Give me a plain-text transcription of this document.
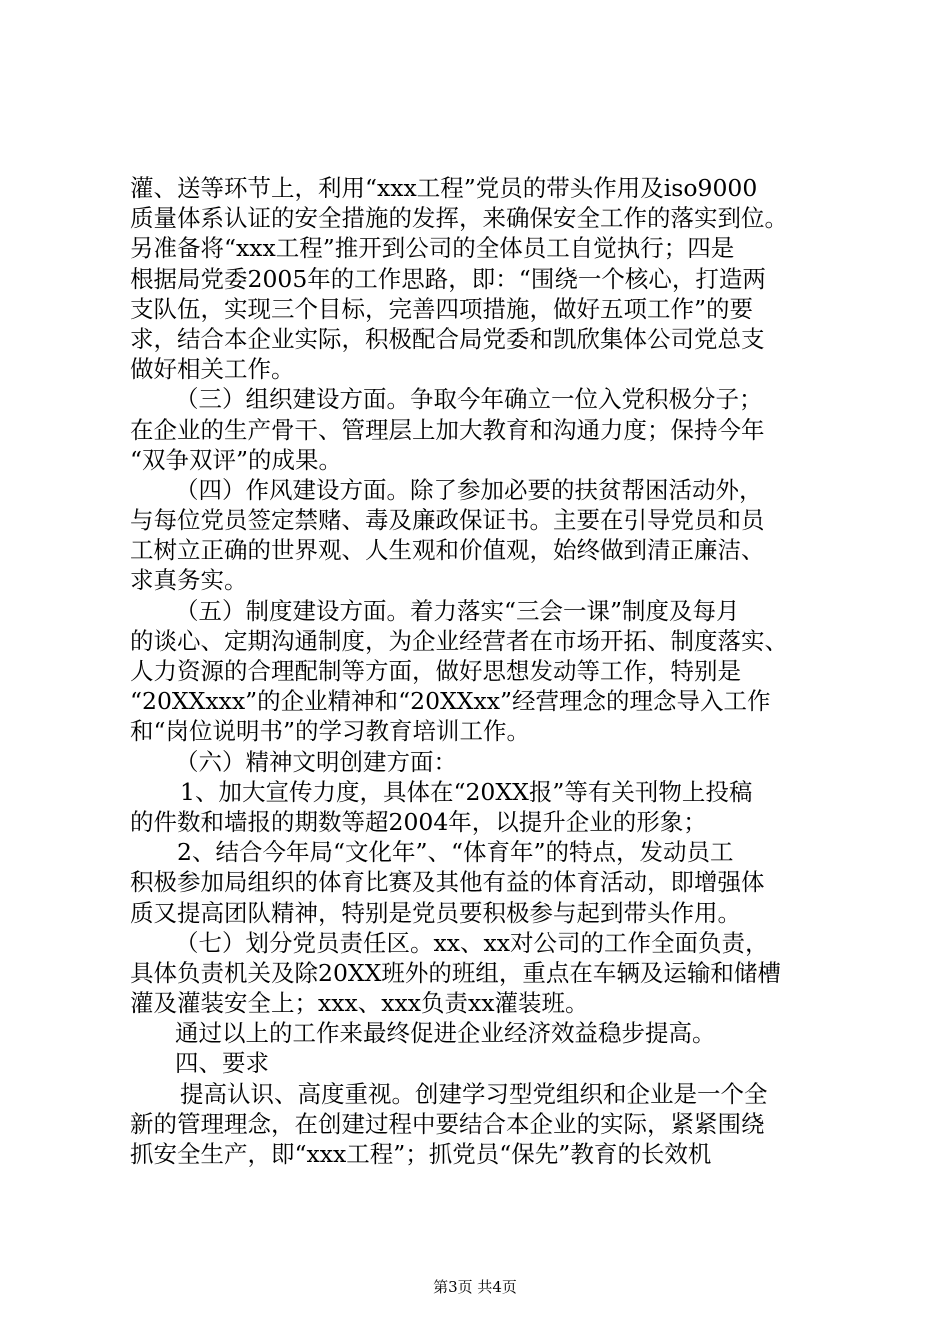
灌、送等环节上，利用“xxx工程”党员的带头作用及iso9000
质量体系认证的安全措施的发挥，来确保安全工作的落实到位。
另准备将“xxx工程”推开到公司的全体员工自觉执行；四是
根据局党委2005年的工作思路，即：“围绕一个核心，打造两
支队伍，实现三个目标，完善四项措施，做好五项工作”的要
求，结合本企业实际，积极配合局党委和凯欣集体公司党总支
做好相关工作。
（三）组织建设方面。争取今年确立一位入党积极分子；
在企业的生产骨干、管理层上加大教育和沟通力度；保持今年
“双争双评”的成果。
（四）作风建设方面。除了参加必要的扶贫帮困活动外，
与每位党员签定禁赌、毒及廉政保证书。主要在引导党员和员
工树立正确的世界观、人生观和价值观，始终做到清正廉洁、
求真务实。
（五）制度建设方面。着力落实“三会一课”制度及每月
的谈心、定期沟通制度，为企业经营者在市场开拓、制度落实、
人力资源的合理配制等方面，做好思想发动等工作，特别是
“20XXxxx”的企业精神和“20XXxx”经营理念的理念导入工作
和“岗位说明书”的学习教育培训工作。
（六）精神文明创建方面：
1、加大宣传力度，具体在“20XX报”等有关刊物上投稿
的件数和墙报的期数等超2004年，以提升企业的形象；
2、结合今年局“文化年”、“体育年”的特点，发动员工
积极参加局组织的体育比赛及其他有益的体育活动，即增强体
质又提高团队精神，特别是党员要积极参与起到带头作用。
（七）划分党员责任区。xx、xx对公司的工作全面负责，
具体负责机关及除20XX班外的班组，重点在车辆及运输和储槽
灌及灌装安全上；xxx、xxx负责xx灌装班。
通过以上的工作来最终促进企业经济效益稳步提高。
四、要求
提高认识、高度重视。创建学习型党组织和企业是一个全
新的管理理念，在创建过程中要结合本企业的实际，紧紧围绕
抓安全生产，即“xxx工程”；抓党员“保先”教育的长效机
第3页 共4页
